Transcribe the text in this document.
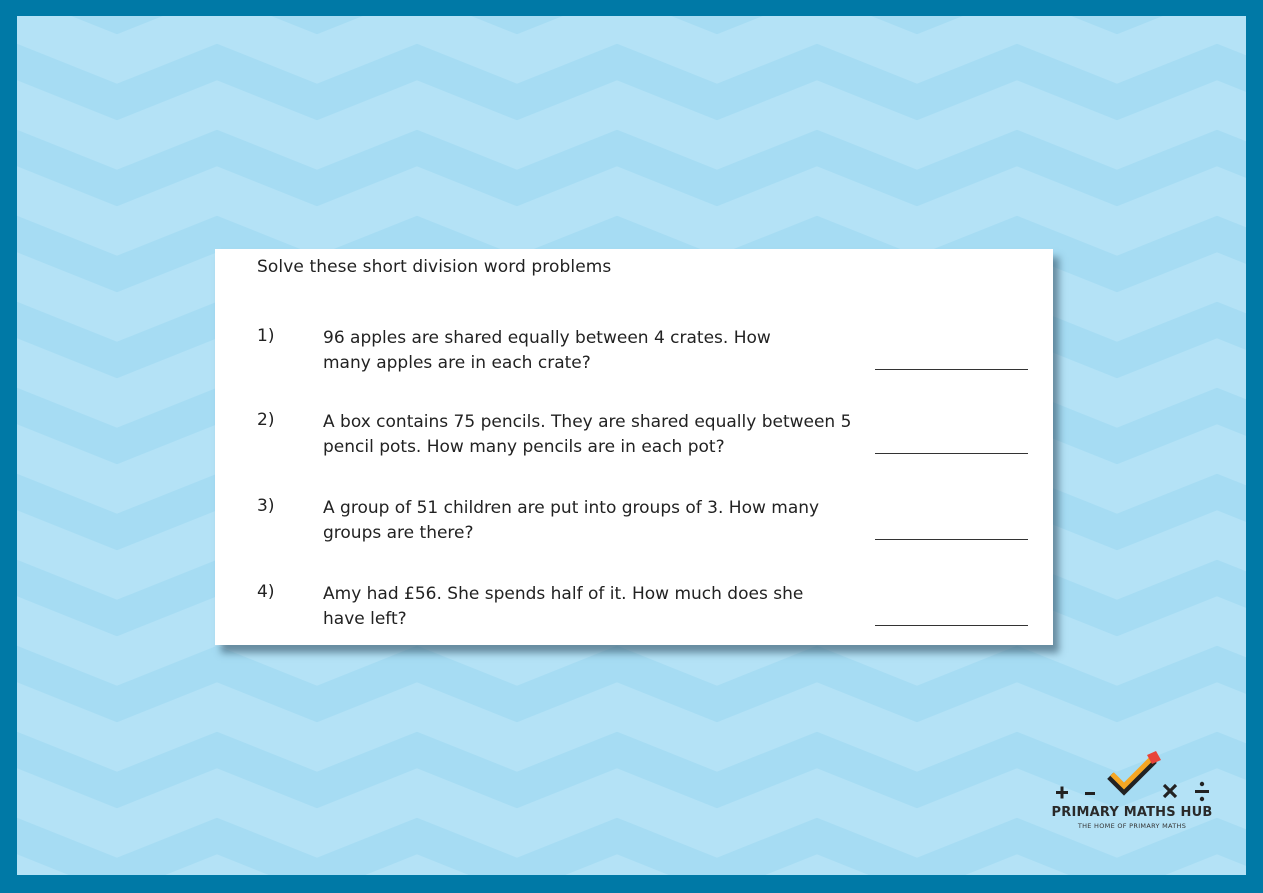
Solve these short division word problems
1)	96 apples are shared equally between 4 crates. How many apples are in each crate?
2)	A box contains 75 pencils. They are shared equally between 5 pencil pots. How many pencils are in each pot?
3)	A group of 51 children are put into groups of 3. How many groups are there?
4)	Amy had £56. She spends half of it. How much does she have left?
PRIMARY MATHS HUB
THE HOME OF PRIMARY MATHS
